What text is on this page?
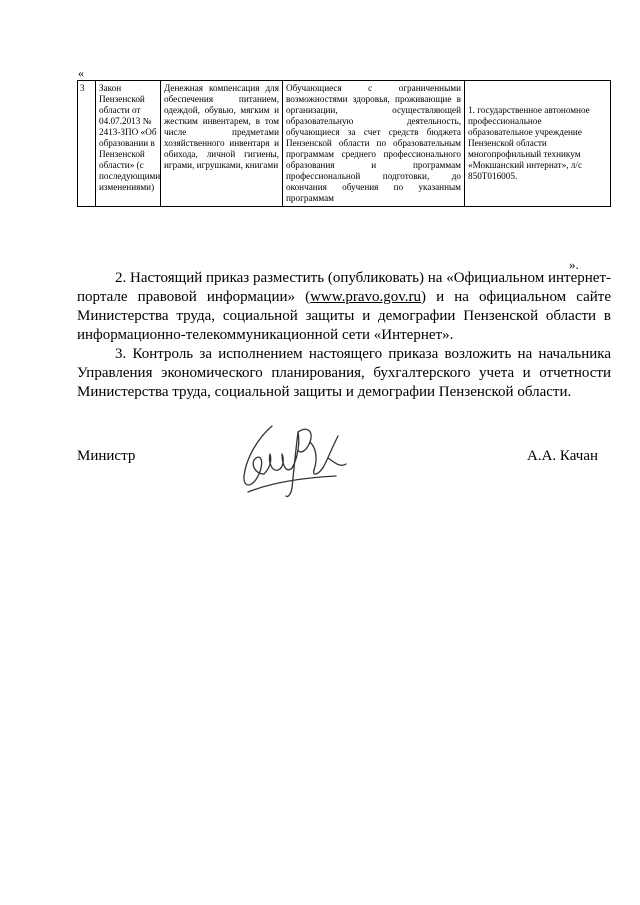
«
3	Закон Пензенской области от 04.07.2013 № 2413-ЗПО «Об образовании в Пензенской области» (с последующими изменениями)	Денежная компенсация для обеспечения питанием, одеждой, обувью, мягким и жестким инвентарем, в том числе предметами хозяйственного инвентаря и обихода, личной гигиены, играми, игрушками, книгами	Обучающиеся с ограниченными возможностями здоровья, проживающие в организации, осуществляющей образовательную деятельность, обучающиеся за счет средств бюджета Пензенской области по образовательным программам среднего профессионального образования и программам профессиональной подготовки, до окончания обучения по указанным программам	1. государственное автономное профессиональное образовательное учреждение Пензенской области многопрофильный техникум «Мокшанский интернат», л/с 850Т016005.
».

2. Настоящий приказ разместить (опубликовать) на «Официальном интернет-портале правовой информации» (www.pravo.gov.ru) и на официальном сайте Министерства труда, социальной защиты и демографии Пензенской области в информационно-телекоммуникационной сети «Интернет».

3. Контроль за исполнением настоящего приказа возложить на начальника Управления экономического планирования, бухгалтерского учета и отчетности Министерства труда, социальной защиты и демографии Пензенской области.

Министр	А.А. Качан
